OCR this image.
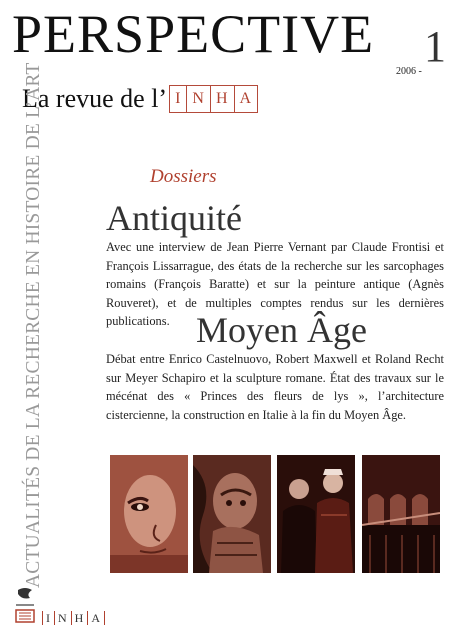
PERSPECTIVE
2006 -
1
La revue de l’ I N H A
ACTUALITÉS DE LA RECHERCHE EN HISTOIRE DE L’ART	Dossiers
Antiquité

Avec une interview de Jean Pierre Vernant par Claude Frontisi et François Lissarrague, des états de la recherche sur les sarcophages romains (François Baratte) et sur la peinture antique (Agnès Rouveret), et de multiples comptes rendus sur les dernières publications. Moyen Âge

Débat entre Enrico Castelnuovo, Robert Maxwell et Roland Recht sur Meyer Schapiro et la sculpture romane. État des travaux sur le mécénat des « Princes des fleurs de lys », l’architecture cistercienne, la construction en Italie à la fin du Moyen Âge.

I N H A
